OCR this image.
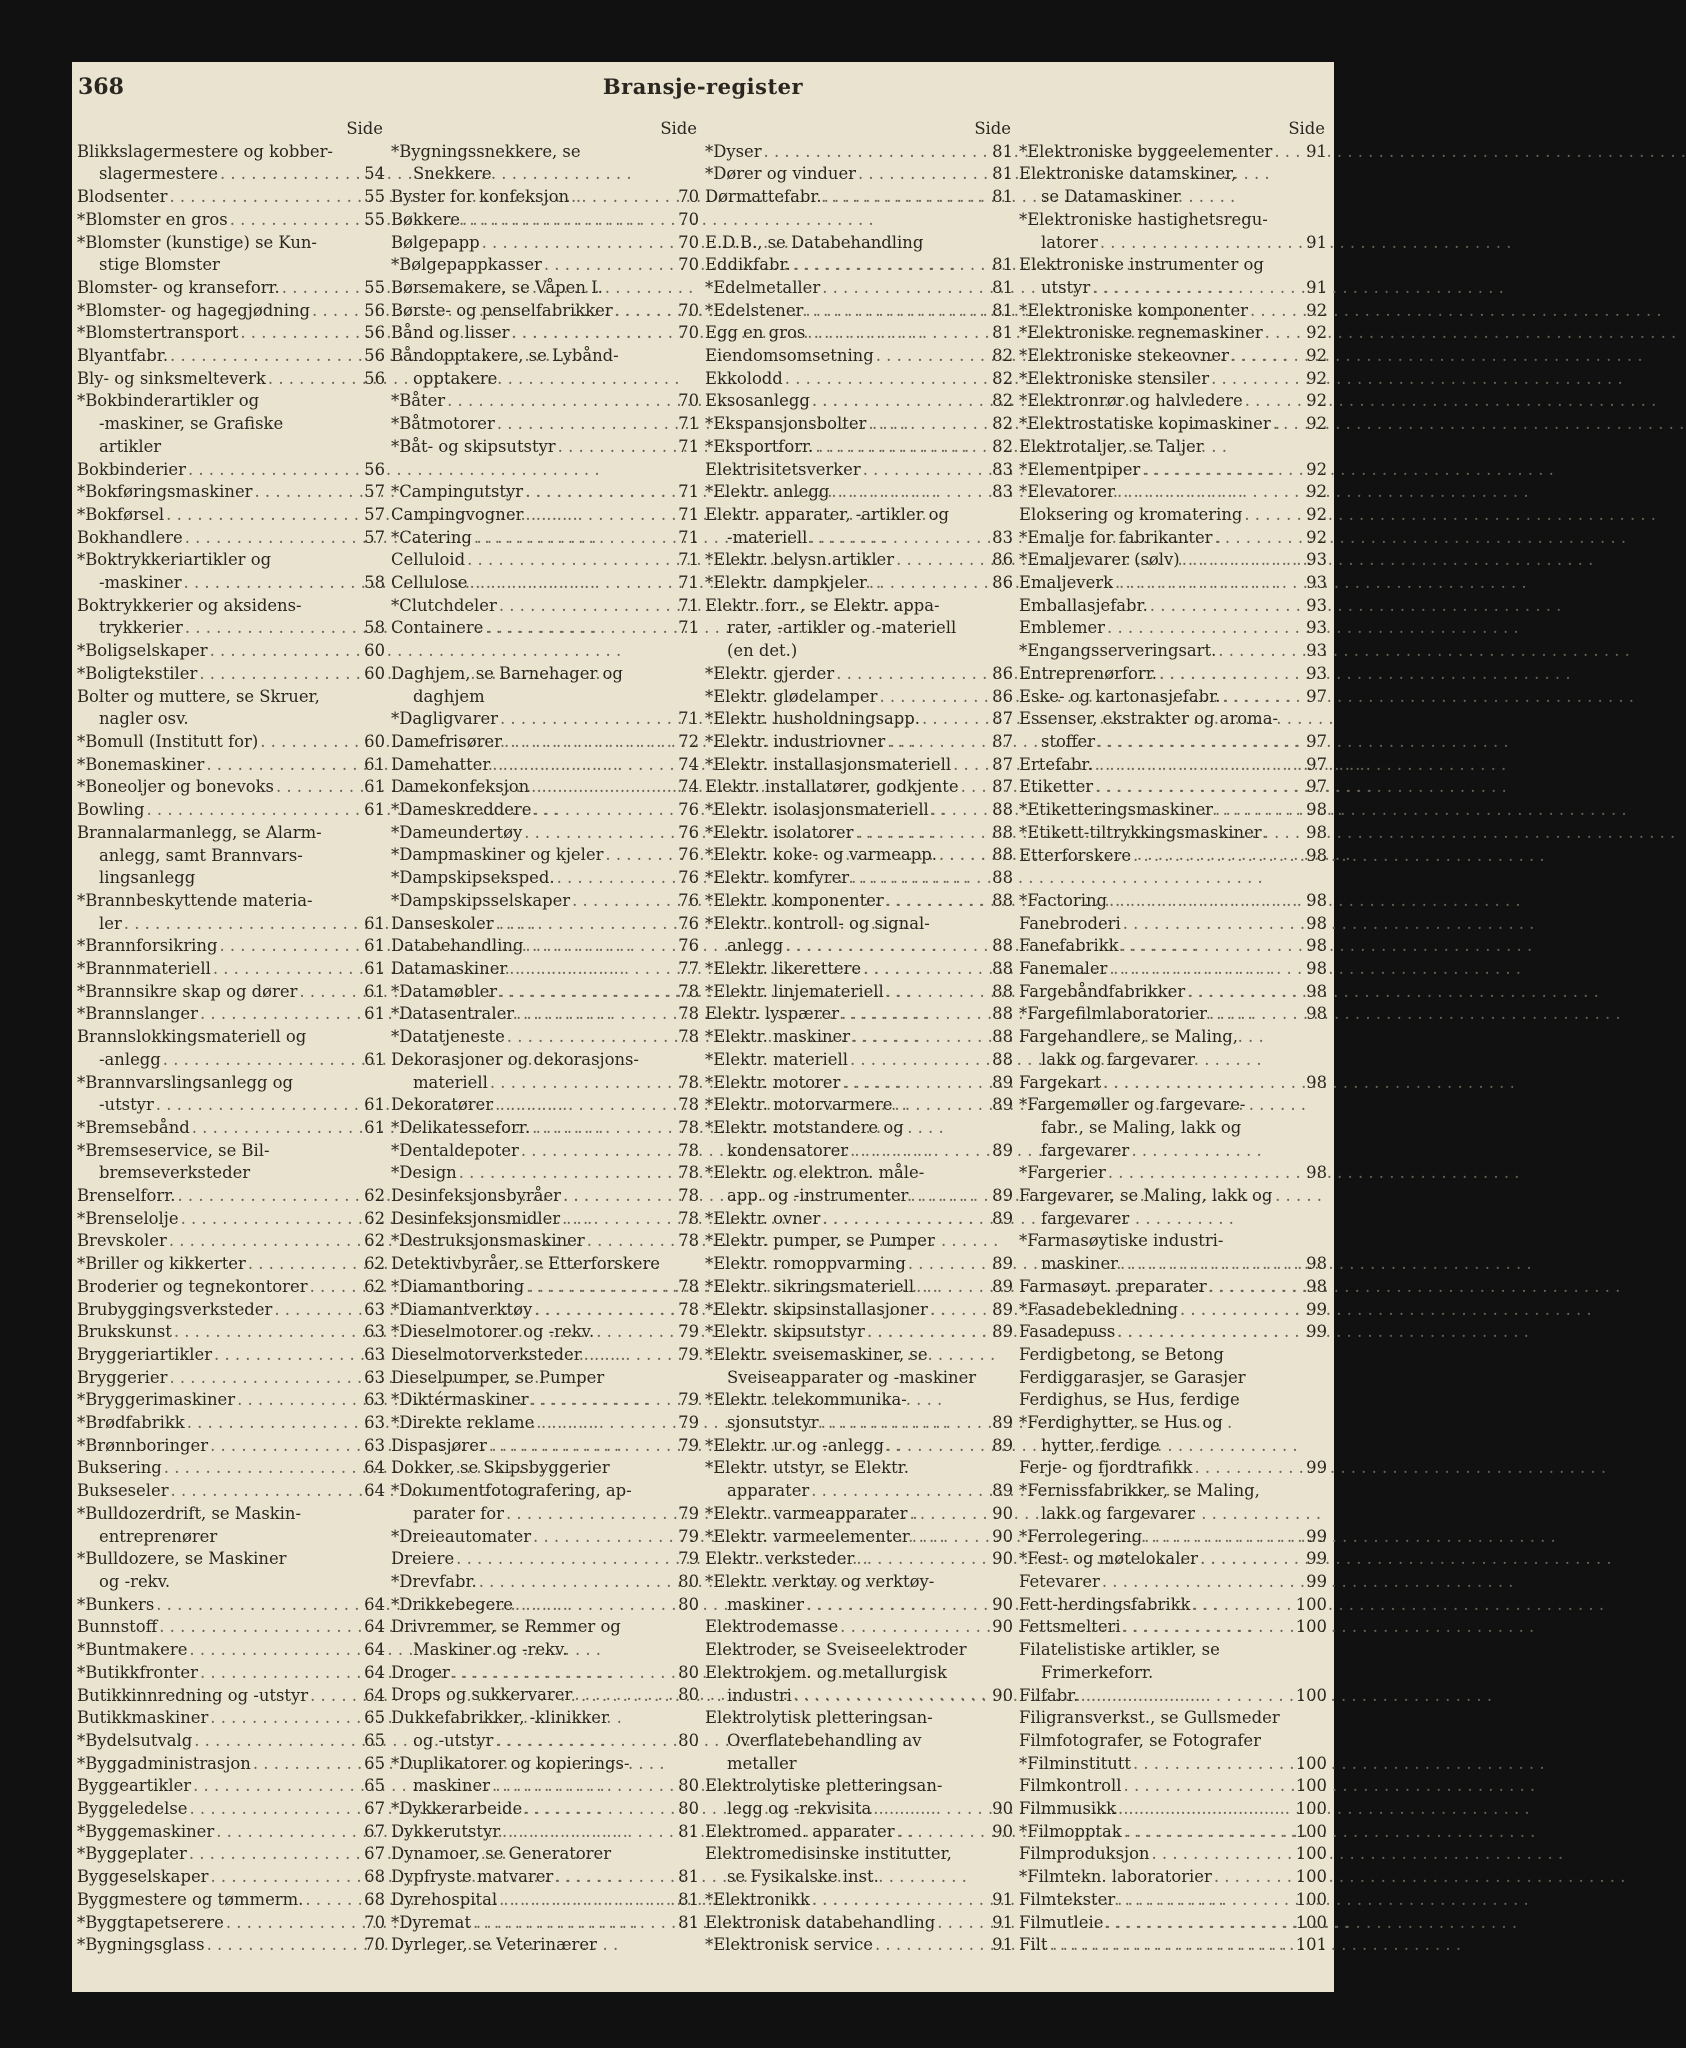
368	Bransje-register
Side
Blikkslagermestere og kobber-
slagermestere . . .	54
Blodsenter . . .	55
*Blomster en gros . . .	55
*Blomster (kunstige) se Kun-
stige Blomster
Blomster- og kranseforr. . . .	55
*Blomster- og hagegjødning . . .	56
*Blomstertransport . . .	56
Blyantfabr. . . .	56
Bly- og sinksmelteverk . . .	56
*Bokbinderartikler og
-maskiner, se Grafiske
artikler
Bokbinderier . . .	56
*Bokføringsmaskiner . . .	57
*Bokførsel . . .	57
Bokhandlere . . .	57
*Boktrykkeriartikler og
-maskiner . . .	58
Boktrykkerier og aksidens-
trykkerier . . .	58
*Boligselskaper . . .	60
*Boligtekstiler . . .	60
Bolter og muttere, se Skruer,
nagler osv.
*Bomull (Institutt for) . . .	60
*Bonemaskiner . . .	61
*Boneoljer og bonevoks . . .	61
Bowling . . .	61
Brannalarmanlegg, se Alarm-
anlegg, samt Brannvars-
lingsanlegg
*Brannbeskyttende materia-
ler . . .	61
*Brannforsikring . . .	61
*Brannmateriell . . .	61
*Brannsikre skap og dører . . .	61
*Brannslanger . . .	61
Brannslokkingsmateriell og
-anlegg . . .	61
*Brannvarslingsanlegg og
-utstyr . . .	61
*Bremsebånd . . .	61
*Bremseservice, se Bil-
bremseverksteder
Brenselforr. . . .	62
*Brenselolje . . .	62
Brevskoler . . .	62
*Briller og kikkerter . . .	62
Broderier og tegnekontorer . . .	62
Brubyggingsverksteder . . .	63
Brukskunst . . .	63
Bryggeriartikler . . .	63
Bryggerier . . .	63
*Bryggerimaskiner . . .	63
*Brødfabrikk . . .	63
*Brønnboringer . . .	63
Buksering . . .	64
Bukseseler . . .	64
*Bulldozerdrift, se Maskin-
entreprenører
*Bulldozere, se Maskiner
og -rekv.
*Bunkers . . .	64
Bunnstoff . . .	64
*Buntmakere . . .	64
*Butikkfronter . . .	64
Butikkinnredning og -utstyr . . .	64
Butikkmaskiner . . .	65
*Bydelsutvalg . . .	65
*Byggadministrasjon . . .	65
Byggeartikler . . .	65
Byggeledelse . . .	67
*Byggemaskiner . . .	67
*Byggeplater . . .	67
Byggeselskaper . . .	68
Byggmestere og tømmerm. . . .	68
*Byggtapetserere . . .	70
*Bygningsglass . . .	70
Side
*Bygningssnekkere, se
Snekkere
Byster for konfeksjon . . .	70
Bøkkere . . .	70
Bølgepapp . . .	70
*Bølgepappkasser . . .	70
Børsemakere, se Våpen I.
Børste- og penselfabrikker . . .	70
Bånd og lisser . . .	70
Båndopptakere, se Lybånd-
opptakere
*Båter . . .	70
*Båtmotorer . . .	71
*Båt- og skipsutstyr . . .	71
*Campingutstyr . . .	71
Campingvogner . . .	71
*Catering . . .	71
Celluloid . . .	71
Cellulose . . .	71
*Clutchdeler . . .	71
Containere . . .	71
Daghjem, se Barnehager og
daghjem
*Dagligvarer . . .	71
Damefrisører . . .	72
Damehatter . . .	74
Damekonfeksjon . . .	74
*Dameskreddere . . .	76
*Dameundertøy . . .	76
*Dampmaskiner og kjeler . . .	76
*Dampskipseksped. . . .	76
*Dampskipsselskaper . . .	76
Danseskoler . . .	76
Databehandling . . .	76
Datamaskiner . . .	77
*Datamøbler . . .	78
*Datasentraler . . .	78
*Datatjeneste . . .	78
Dekorasjoner og dekorasjons-
materiell . . .	78
Dekoratører . . .	78
*Delikatesseforr. . . .	78
*Dentaldepoter . . .	78
*Design . . .	78
Desinfeksjonsbyråer . . .	78
Desinfeksjonsmidler . . .	78
*Destruksjonsmaskiner . . .	78
Detektivbyråer, se Etterforskere
*Diamantboring . . .	78
*Diamantverktøy . . .	78
*Dieselmotorer og -rekv. . . .	79
Dieselmotorverksteder . . .	79
Dieselpumper, se Pumper
*Diktérmaskiner . . .	79
*Direkte reklame . . .	79
Dispasjører . . .	79
Dokker, se Skipsbyggerier
*Dokumentfotografering, ap-
parater for . . .	79
*Dreieautomater . . .	79
Dreiere . . .	79
*Drevfabr. . . .	80
*Drikkebegere . . .	80
Drivremmer, se Remmer og
Maskiner og -rekv.
Droger . . .	80
Drops og sukkervarer . . .	80
Dukkefabrikker, -klinikker
og -utstyr . . .	80
*Duplikatorer og kopierings-
maskiner . . .	80
*Dykkerarbeide . . .	80
Dykkerutstyr . . .	81
Dynamoer, se Generatorer
Dypfryste matvarer . . .	81
Dyrehospital . . .	81
*Dyremat . . .	81
Dyrleger, se Veterinærer
Side
*Dyser . . .	81
*Dører og vinduer . . .	81
Dørmattefabr. . . .	81
E.D.B., se Databehandling
Eddikfabr. . . .	81
*Edelmetaller . . .	81
*Edelstener . . .	81
Egg en gros . . .	81
Eiendomsomsetning . . .	82
Ekkolodd . . .	82
Eksosanlegg . . .	82
*Ekspansjonsbolter . . .	82
*Eksportforr. . . .	82
Elektrisitetsverker . . .	83
*Elektr. anlegg . . .	83
Elektr. apparater, -artikler og
-materiell . . .	83
*Elektr. belysn.artikler . . .	86
*Elektr. dampkjeler . . .	86
Elektr. forr., se Elektr. appa-
rater, -artikler og -materiell
(en det.)
*Elektr. gjerder . . .	86
*Elektr. glødelamper . . .	86
*Elektr. husholdningsapp. . . .	87
*Elektr. industriovner . . .	87
*Elektr. installasjonsmateriell . . .	87
Elektr. installatører, godkjente . . .	87
*Elektr. isolasjonsmateriell . . .	88
*Elektr. isolatorer . . .	88
*Elektr. koke- og varmeapp. . . .	88
*Elektr. komfyrer . . .	88
*Elektr. komponenter . . .	88
*Elektr. kontroll- og signal-
anlegg . . .	88
*Elektr. likerettere . . .	88
*Elektr. linjemateriell . . .	88
Elektr. lyspærer . . .	88
*Elektr. maskiner . . .	88
*Elektr. materiell . . .	88
*Elektr. motorer . . .	89
*Elektr. motorvarmere . . .	89
*Elektr. motstandere og
kondensatorer . . .	89
*Elektr. og elektron. måle-
app. og -instrumenter . . .	89
*Elektr. ovner . . .	89
*Elektr. pumper, se Pumper
*Elektr. romoppvarming . . .	89
*Elektr. sikringsmateriell . . .	89
*Elektr. skipsinstallasjoner . . .	89
*Elektr. skipsutstyr . . .	89
*Elektr. sveisemaskiner, se
Sveiseapparater og -maskiner
*Elektr. telekommunika-
sjonsutstyr . . .	89
*Elektr. ur og -anlegg . . .	89
*Elektr. utstyr, se Elektr.
apparater . . .	89
*Elektr. varmeapparater . . .	90
*Elektr. varmeelementer . . .	90
Elektr. verksteder . . .	90
*Elektr. verktøy og verktøy-
maskiner . . .	90
Elektrodemasse . . .	90
Elektroder, se Sveiseelektroder
Elektrokjem. og metallurgisk
industri . . .	90
Elektrolytisk pletteringsan-
Overflatebehandling av
metaller
Elektrolytiske pletteringsan-
legg og -rekvisita . . .	90
Elektromed. apparater . . .	90
Elektromedisinske institutter,
se Fysikalske inst.
*Elektronikk . . .	91
Elektronisk databehandling . . .	91
*Elektronisk service . . .	91
Side
*Elektroniske byggeelementer . . .	91
Elektroniske datamskiner,
se Datamaskiner
*Elektroniske hastighetsregu-
latorer . . .	91
Elektroniske instrumenter og
utstyr . . .	91
*Elektroniske komponenter . . .	92
*Elektroniske regnemaskiner . . .	92
*Elektroniske stekeovner . . .	92
*Elektroniske stensiler . . .	92
*Elektronrør og halvledere . . .	92
*Elektrostatiske kopimaskiner . . .	92
Elektrotaljer, se Taljer
*Elementpiper . . .	92
*Elevatorer . . .	92
Eloksering og kromatering . . .	92
*Emalje for fabrikanter . . .	92
*Emaljevarer (sølv) . . .	93
Emaljeverk . . .	93
Emballasjefabr. . . .	93
Emblemer . . .	93
*Engangsserveringsart. . . .	93
Entreprenørforr. . . .	93
Eske- og kartonasjefabr. . . .	97
Essenser, ekstrakter og aroma-
stoffer . . .	97
Ertefabr. . . .	97
Etiketter . . .	97
*Etiketteringsmaskiner . . .	98
*Etikett-tiltrykkingsmaskiner . . .	98
Etterforskere . . .	98
*Factoring . . .	98
Fanebroderi . . .	98
Fanefabrikk . . .	98
Fanemaler . . .	98
Fargebåndfabrikker . . .	98
*Fargefilmlaboratorier . . .	98
Fargehandlere, se Maling,
lakk og fargevarer
Fargekart . . .	98
*Fargemøller og fargevare-
fabr., se Maling, lakk og
fargevarer
*Fargerier . . .	98
Fargevarer, se Maling, lakk og
fargevarer
*Farmasøytiske industri-
maskiner . . .	98
Farmasøyt. preparater . . .	98
*Fasadebekledning . . .	99
Fasadepuss . . .	99
Ferdigbetong, se Betong
Ferdiggarasjer, se Garasjer
Ferdighus, se Hus, ferdige
*Ferdighytter, se Hus og
hytter, ferdige
Ferje- og fjordtrafikk . . .	99
*Fernissfabrikker, se Maling,
lakk og fargevarer
*Ferrolegering . . .	99
*Fest- og møtelokaler . . .	99
Fetevarer . . .	99
Fett-herdingsfabrikk . . .	100
Fettsmelteri . . .	100
Filatelistiske artikler, se
Frimerkeforr.
Filfabr. . . .	100
Filigransverkst., se Gullsmeder
Filmfotografer, se Fotografer
*Filminstitutt . . .	100
Filmkontroll . . .	100
Filmmusikk . . .	100
*Filmopptak . . .	100
Filmproduksjon . . .	100
*Filmtekn. laboratorier . . .	100
Filmtekster . . .	100
Filmutleie . . .	100
Filt . . .	101
